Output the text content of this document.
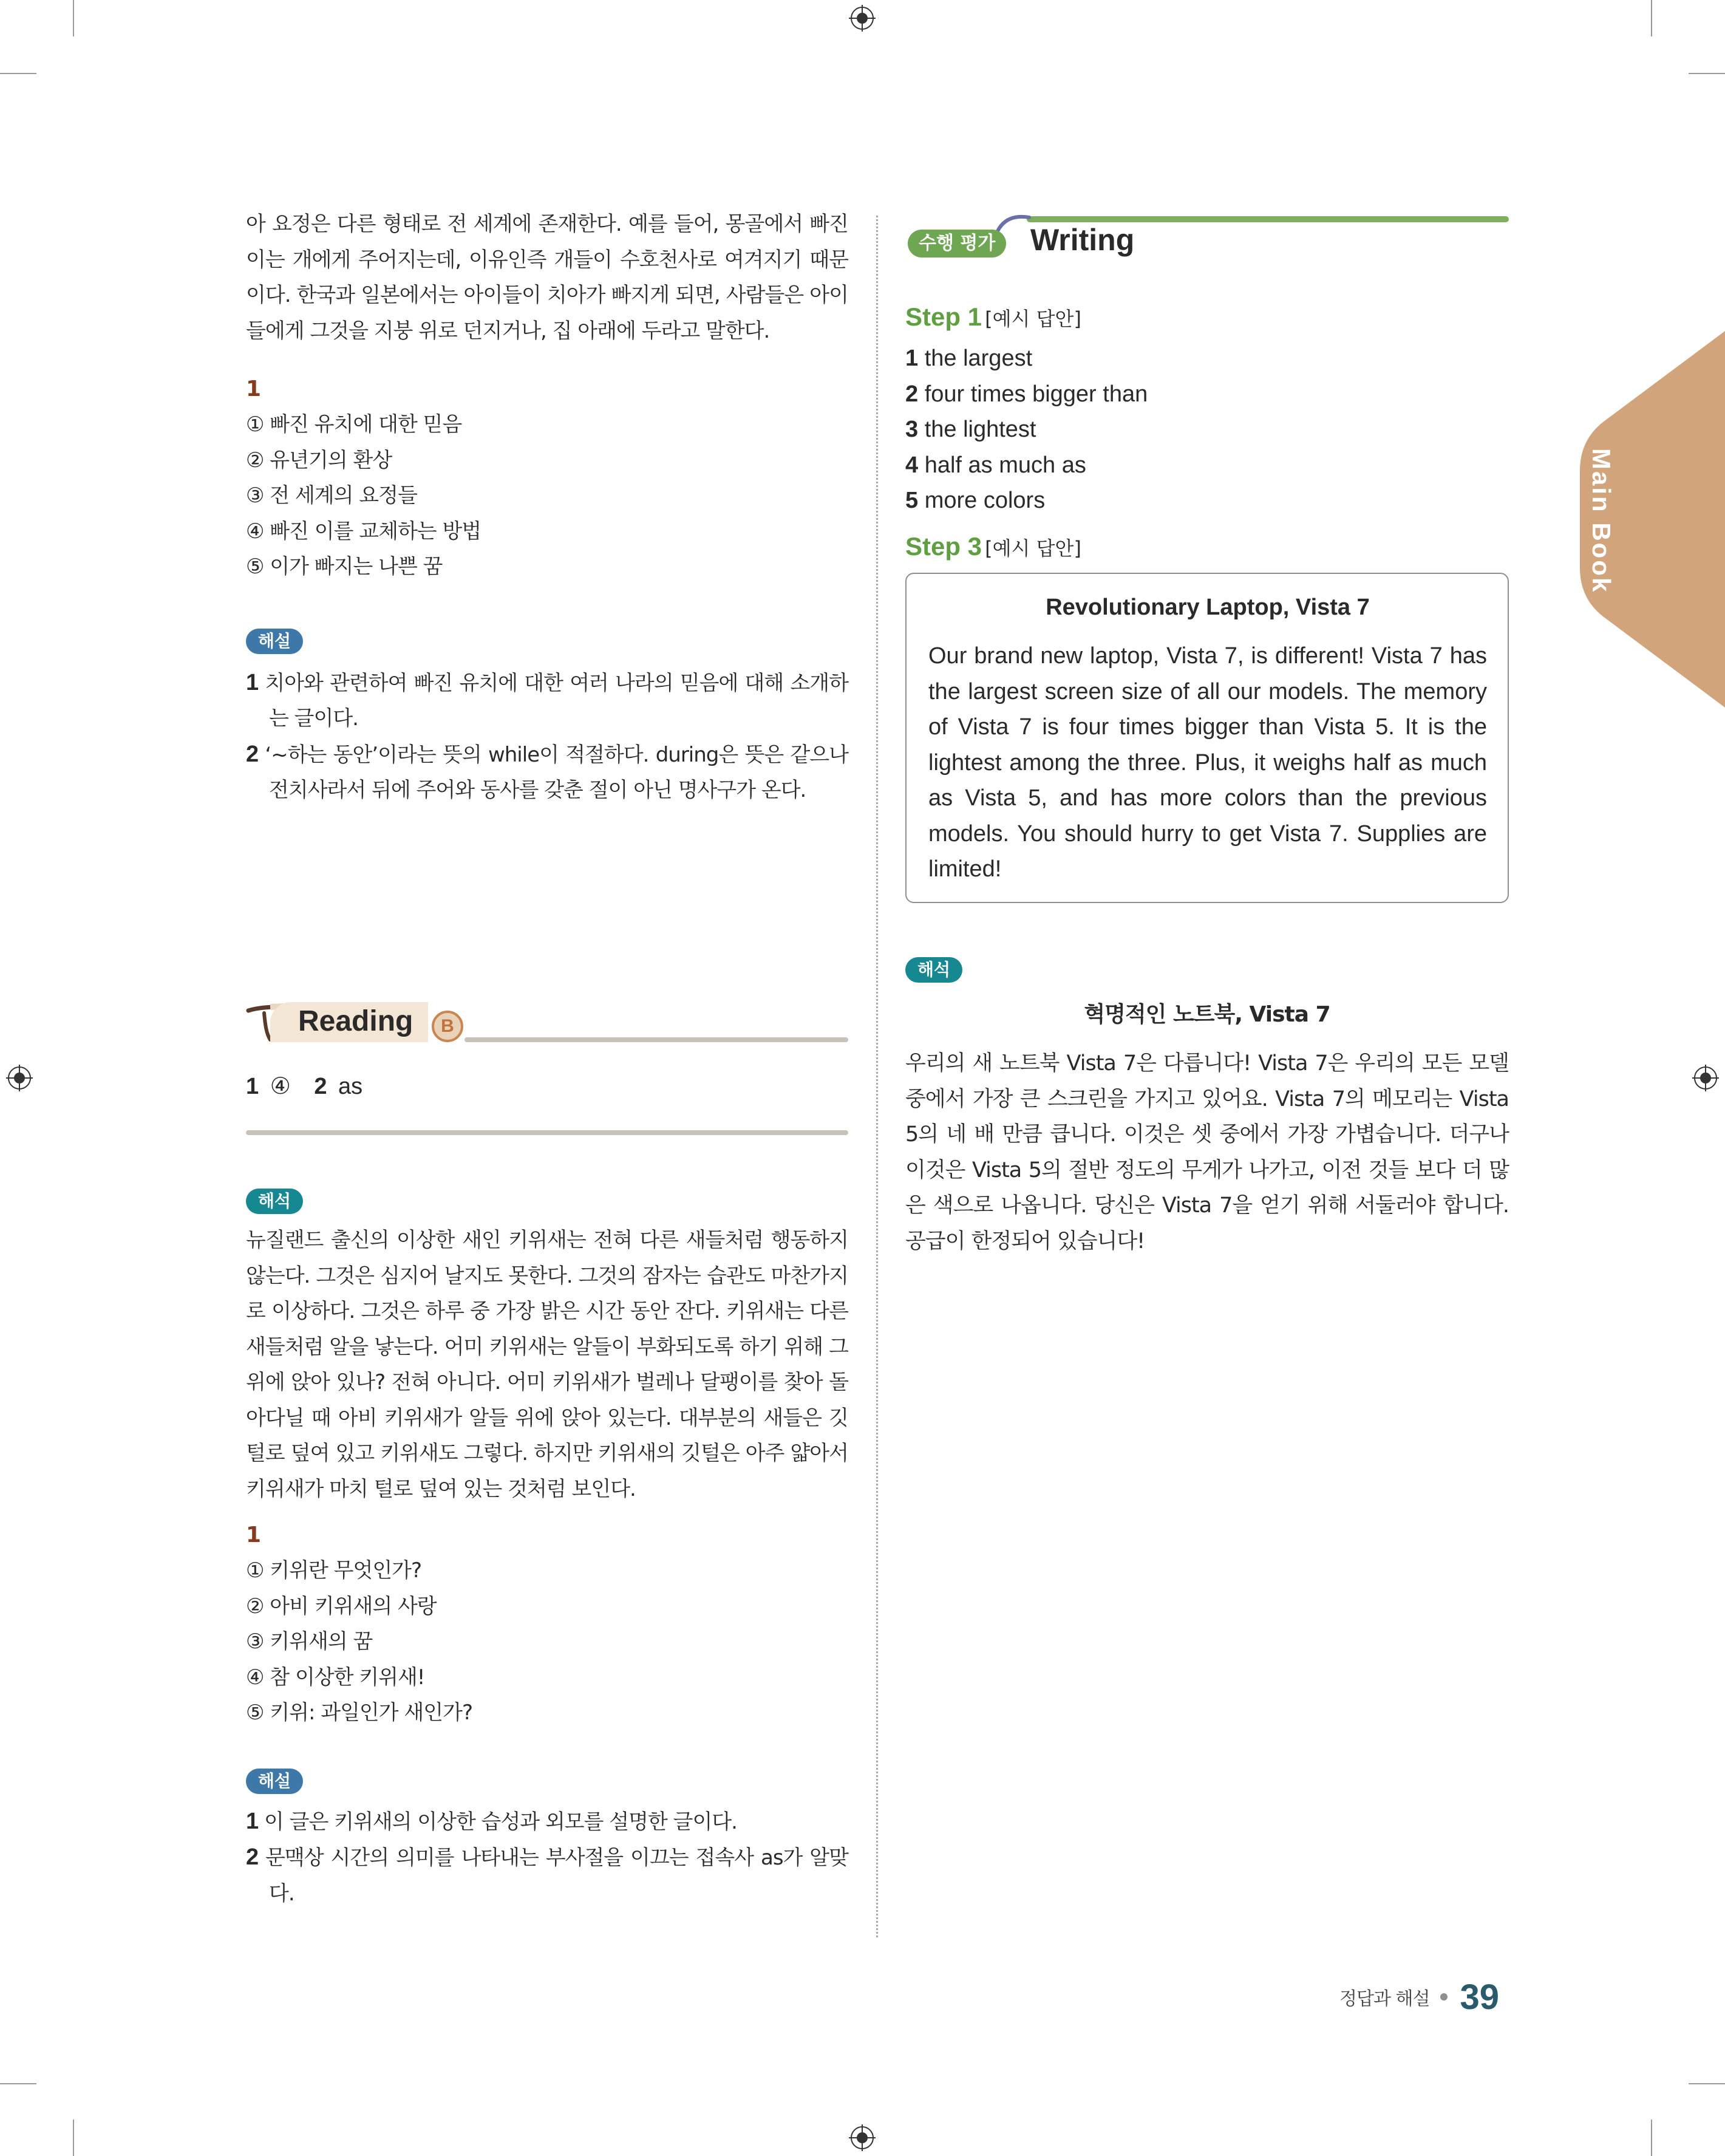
아 요정은 다른 형태로 전 세계에 존재한다. 예를 들어, 몽골에서 빠진 이는 개에게 주어지는데, 이유인즉 개들이 수호천사로 여겨지기 때문이다. 한국과 일본에서는 아이들이 치아가 빠지게 되면, 사람들은 아이들에게 그것을 지붕 위로 던지거나, 집 아래에 두라고 말한다.

1
① 빠진 유치에 대한 믿음
② 유년기의 환상
③ 전 세계의 요정들
④ 빠진 이를 교체하는 방법
⑤ 이가 빠지는 나쁜 꿈
해설
1 치아와 관련하여 빠진 유치에 대한 여러 나라의 믿음에 대해 소개하는 글이다.
2 ‘~하는 동안’이라는 뜻의 while이 적절하다. during은 뜻은 같으나 전치사라서 뒤에 주어와 동사를 갖춘 절이 아닌 명사구가 온다.
Reading	B
1 ④ 2 as
해석

뉴질랜드 출신의 이상한 새인 키위새는 전혀 다른 새들처럼 행동하지 않는다. 그것은 심지어 날지도 못한다. 그것의 잠자는 습관도 마찬가지로 이상하다. 그것은 하루 중 가장 밝은 시간 동안 잔다. 키위새는 다른 새들처럼 알을 낳는다. 어미 키위새는 알들이 부화되도록 하기 위해 그 위에 앉아 있나? 전혀 아니다. 어미 키위새가 벌레나 달팽이를 찾아 돌아다닐 때 아비 키위새가 알들 위에 앉아 있는다. 대부분의 새들은 깃털로 덮여 있고 키위새도 그렇다. 하지만 키위새의 깃털은 아주 얇아서 키위새가 마치 털로 덮여 있는 것처럼 보인다.

1
① 키위란 무엇인가?
② 아비 키위새의 사랑
③ 키위새의 꿈
④ 참 이상한 키위새!
⑤ 키위: 과일인가 새인가?
해설
1 이 글은 키위새의 이상한 습성과 외모를 설명한 글이다.
2 문맥상 시간의 의미를 나타내는 부사절을 이끄는 접속사 as가 알맞다.
수행 평가	Writing
Step 1 [예시 답안]
1 the largest
2 four times bigger than
3 the lightest
4 half as much as
5 more colors
Step 3 [예시 답안]
Revolutionary Laptop, Vista 7

Our brand new laptop, Vista 7, is different! Vista 7 has the largest screen size of all our models. The memory of Vista 7 is four times bigger than Vista 5. It is the lightest among the three. Plus, it weighs half as much as Vista 5, and has more colors than the previous models. You should hurry to get Vista 7. Supplies are limited!

해석
혁명적인 노트북, Vista 7

우리의 새 노트북 Vista 7은 다릅니다! Vista 7은 우리의 모든 모델 중에서 가장 큰 스크린을 가지고 있어요. Vista 7의 메모리는 Vista 5의 네 배 만큼 큽니다. 이것은 셋 중에서 가장 가볍습니다. 더구나 이것은 Vista 5의 절반 정도의 무게가 나가고, 이전 것들 보다 더 많은 색으로 나옵니다. 당신은 Vista 7을 얻기 위해 서둘러야 합니다. 공급이 한정되어 있습니다!

Main Book
정답과 해설 39
